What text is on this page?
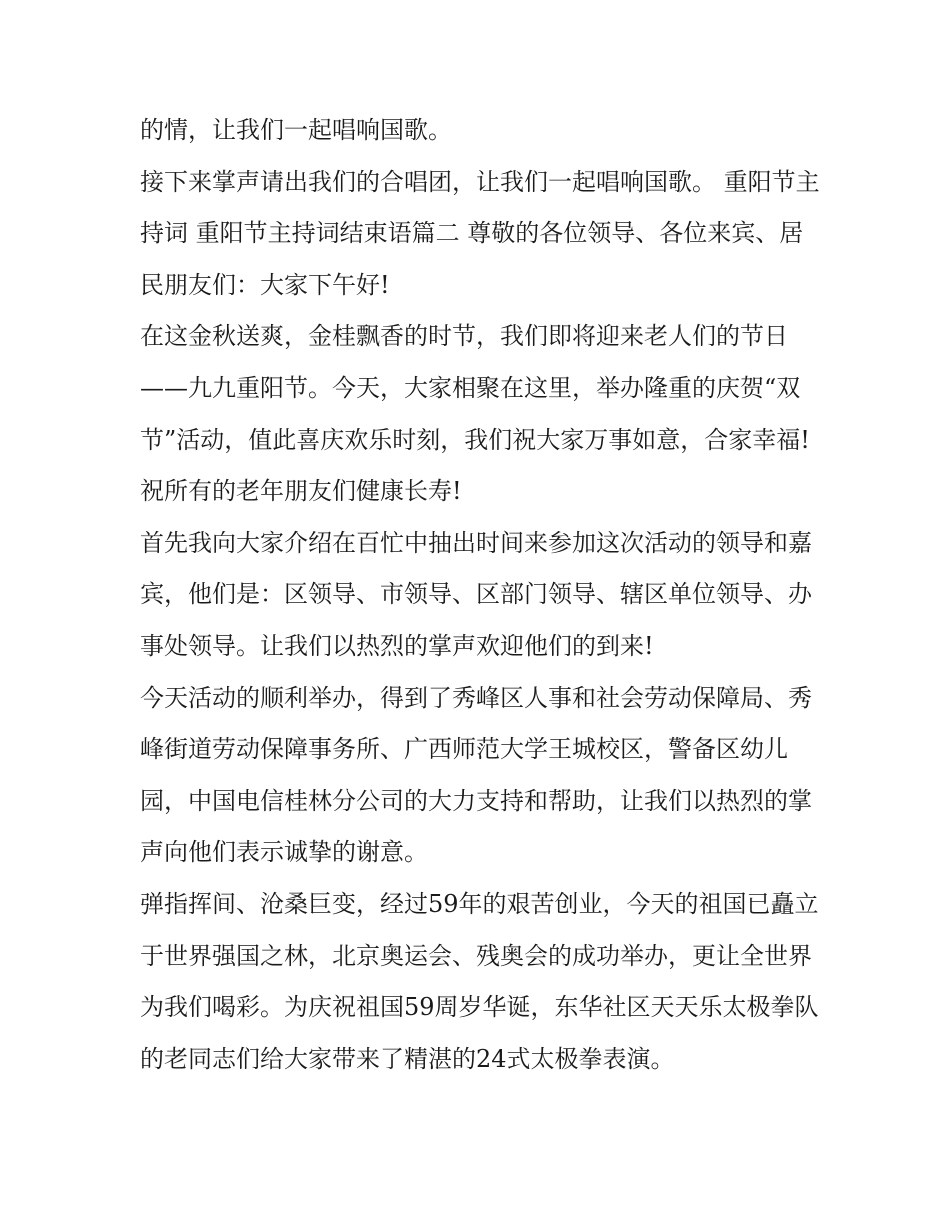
的情，让我们一起唱响国歌。

接下来掌声请出我们的合唱团，让我们一起唱响国歌。 重阳节主持词 重阳节主持词结束语篇二 尊敬的各位领导、各位来宾、居民朋友们：大家下午好!

在这金秋送爽，金桂飘香的时节，我们即将迎来老人们的节日——九九重阳节。今天，大家相聚在这里，举办隆重的庆贺“双节”活动，值此喜庆欢乐时刻，我们祝大家万事如意，合家幸福!祝所有的老年朋友们健康长寿!

首先我向大家介绍在百忙中抽出时间来参加这次活动的领导和嘉宾，他们是：区领导、市领导、区部门领导、辖区单位领导、办事处领导。让我们以热烈的掌声欢迎他们的到来!

今天活动的顺利举办，得到了秀峰区人事和社会劳动保障局、秀峰街道劳动保障事务所、广西师范大学王城校区，警备区幼儿园，中国电信桂林分公司的大力支持和帮助，让我们以热烈的掌声向他们表示诚挚的谢意。

弹指挥间、沧桑巨变，经过59年的艰苦创业，今天的祖国已矗立于世界强国之林，北京奥运会、残奥会的成功举办，更让全世界为我们喝彩。为庆祝祖国59周岁华诞，东华社区天天乐太极拳队的老同志们给大家带来了精湛的24式太极拳表演。
